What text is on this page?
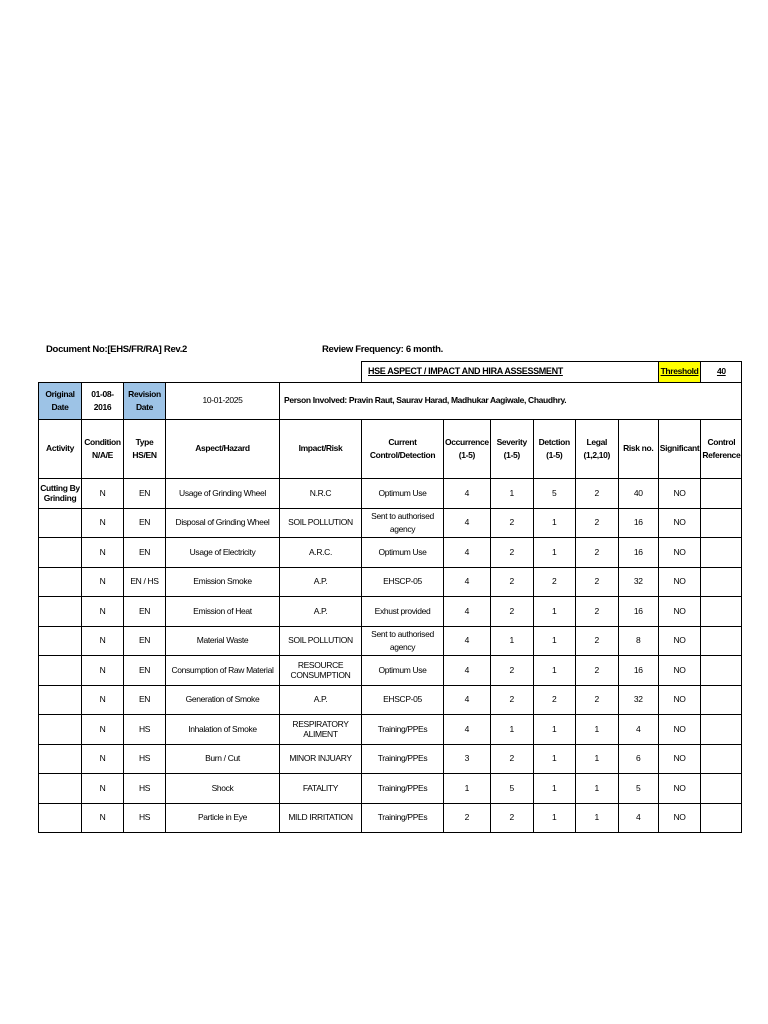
Document No:[EHS/FR/RA] Rev.2	Review Frequency: 6 month.
					HSE ASPECT / IMPACT AND HIRA ASSESSMENT						Threshold	40
Original Date	01-08-2016	Revision Date	10-01-2025	Person Involved: Pravin Raut, Saurav Harad, Madhukar Aagiwale, Chaudhry.								
Activity	Condition N/A/E	Type HS/EN	Aspect/Hazard	Impact/Risk	Current Control/Detection	Occurrence (1-5)	Severity (1-5)	Detction (1-5)	Legal (1,2,10)	Risk no.	Significant	Control Reference
Cutting By Grinding	N	EN	Usage of Grinding Wheel	N.R.C	Optimum Use	4	1	5	2	40	NO	
	N	EN	Disposal of Grinding Wheel	SOIL POLLUTION	Sent to authorised agency	4	2	1	2	16	NO	
	N	EN	Usage of Electricity	A.R.C.	Optimum Use	4	2	1	2	16	NO	
	N	EN / HS	Emission Smoke	A.P.	EHSCP-05	4	2	2	2	32	NO	
	N	EN	Emission of Heat	A.P.	Exhust provided	4	2	1	2	16	NO	
	N	EN	Material Waste	SOIL POLLUTION	Sent to authorised agency	4	1	1	2	8	NO	
	N	EN	Consumption of Raw Material	RESOURCE CONSUMPTION	Optimum Use	4	2	1	2	16	NO	
	N	EN	Generation of Smoke	A.P.	EHSCP-05	4	2	2	2	32	NO	
	N	HS	Inhalation of Smoke	RESPIRATORY ALIMENT	Training/PPEs	4	1	1	1	4	NO	
	N	HS	Burn / Cut	MINOR INJUARY	Training/PPEs	3	2	1	1	6	NO	
	N	HS	Shock	FATALITY	Training/PPEs	1	5	1	1	5	NO	
	N	HS	Particle in Eye	MILD IRRITATION	Training/PPEs	2	2	1	1	4	NO	
